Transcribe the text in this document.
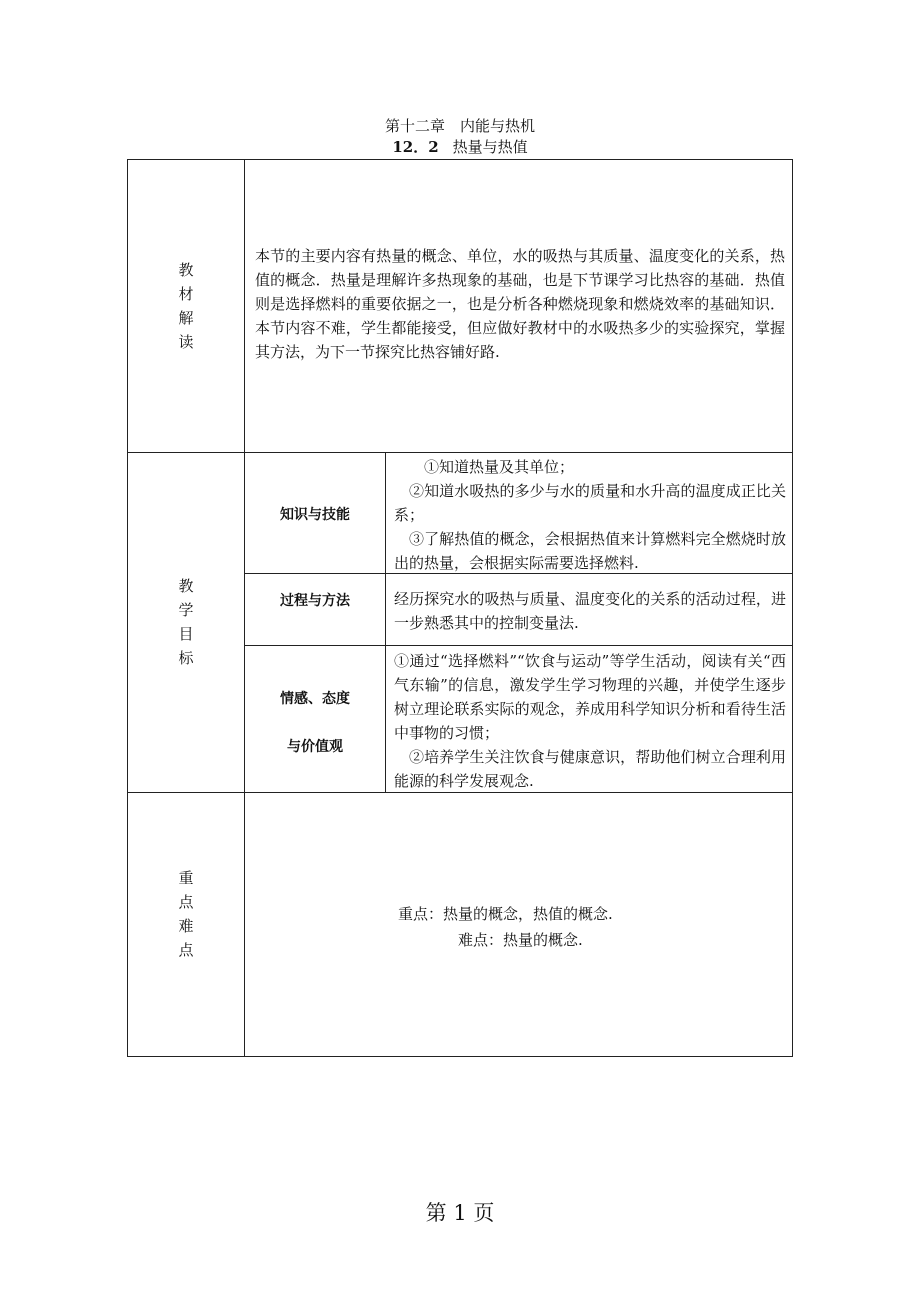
第十二章　内能与热机
12．2 热量与热值
教
材
解
读
本节的主要内容有热量的概念、单位，水的吸热与其质量、温度变化的关系，热值的概念．热量是理解许多热现象的基础，也是下节课学习比热容的基础．热值则是选择燃料的重要依据之一，也是分析各种燃烧现象和燃烧效率的基础知识．本节内容不难，学生都能接受，但应做好教材中的水吸热多少的实验探究，掌握其方法，为下一节探究比热容铺好路.
教
学
目
标
知识与技能
①知道热量及其单位；
②知道水吸热的多少与水的质量和水升高的温度成正比关系；
③了解热值的概念，会根据热值来计算燃料完全燃烧时放出的热量，会根据实际需要选择燃料.
过程与方法	经历探究水的吸热与质量、温度变化的关系的活动过程，进一步熟悉其中的控制变量法.
情感、态度
与价值观
①通过“选择燃料”“饮食与运动”等学生活动，阅读有关“西气东输”的信息，激发学生学习物理的兴趣，并使学生逐步树立理论联系实际的观念，养成用科学知识分析和看待生活中事物的习惯；
②培养学生关注饮食与健康意识，帮助他们树立合理利用能源的科学发展观念.
重
点
难
点
重点：热量的概念，热值的概念.
难点：热量的概念.
第 1 页
